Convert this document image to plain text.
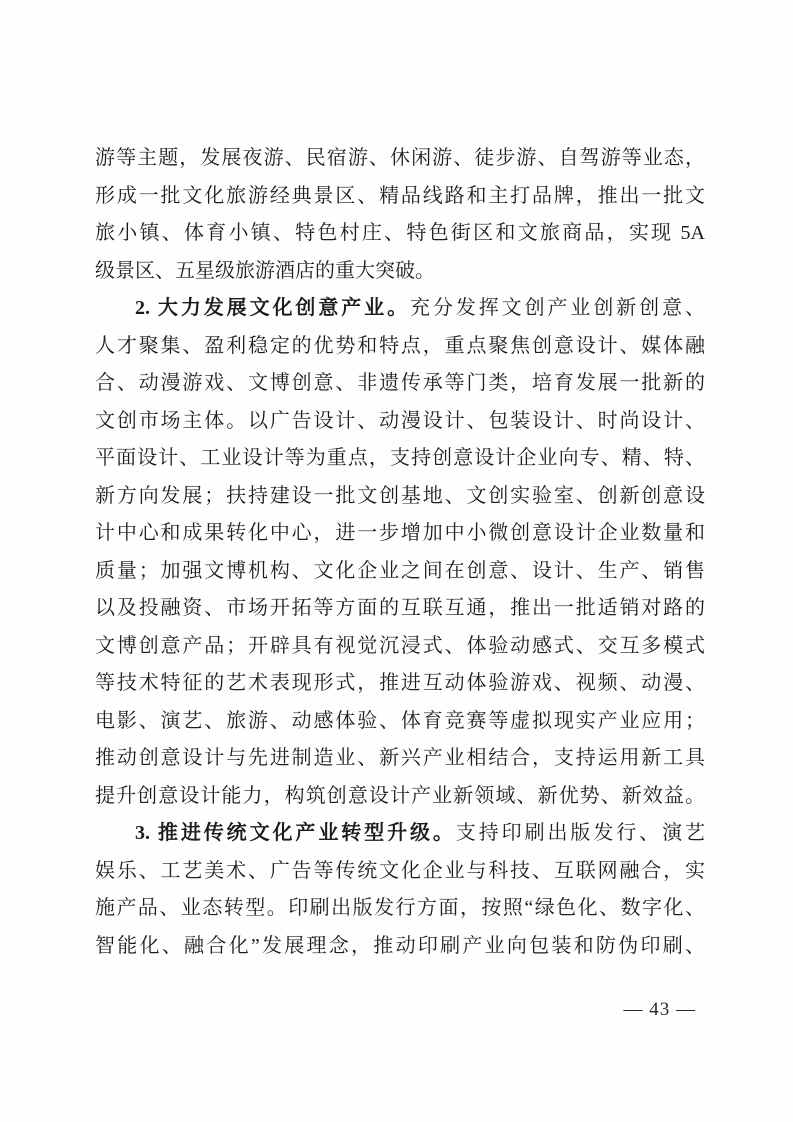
游等主题，发展夜游、民宿游、休闲游、徒步游、自驾游等业态，
形成一批文化旅游经典景区、精品线路和主打品牌，推出一批文
旅小镇、体育小镇、特色村庄、特色街区和文旅商品，实现 5A
级景区、五星级旅游酒店的重大突破。
2. 大力发展文化创意产业。充分发挥文创产业创新创意、
人才聚集、盈利稳定的优势和特点，重点聚焦创意设计、媒体融
合、动漫游戏、文博创意、非遗传承等门类，培育发展一批新的
文创市场主体。以广告设计、动漫设计、包装设计、时尚设计、
平面设计、工业设计等为重点，支持创意设计企业向专、精、特、
新方向发展；扶持建设一批文创基地、文创实验室、创新创意设
计中心和成果转化中心，进一步增加中小微创意设计企业数量和
质量；加强文博机构、文化企业之间在创意、设计、生产、销售
以及投融资、市场开拓等方面的互联互通，推出一批适销对路的
文博创意产品；开辟具有视觉沉浸式、体验动感式、交互多模式
等技术特征的艺术表现形式，推进互动体验游戏、视频、动漫、
电影、演艺、旅游、动感体验、体育竞赛等虚拟现实产业应用；
推动创意设计与先进制造业、新兴产业相结合，支持运用新工具
提升创意设计能力，构筑创意设计产业新领域、新优势、新效益。
3. 推进传统文化产业转型升级。支持印刷出版发行、演艺
娱乐、工艺美术、广告等传统文化企业与科技、互联网融合，实
施产品、业态转型。印刷出版发行方面，按照“绿色化、数字化、
智能化、融合化”发展理念，推动印刷产业向包装和防伪印刷、
— 43 —
